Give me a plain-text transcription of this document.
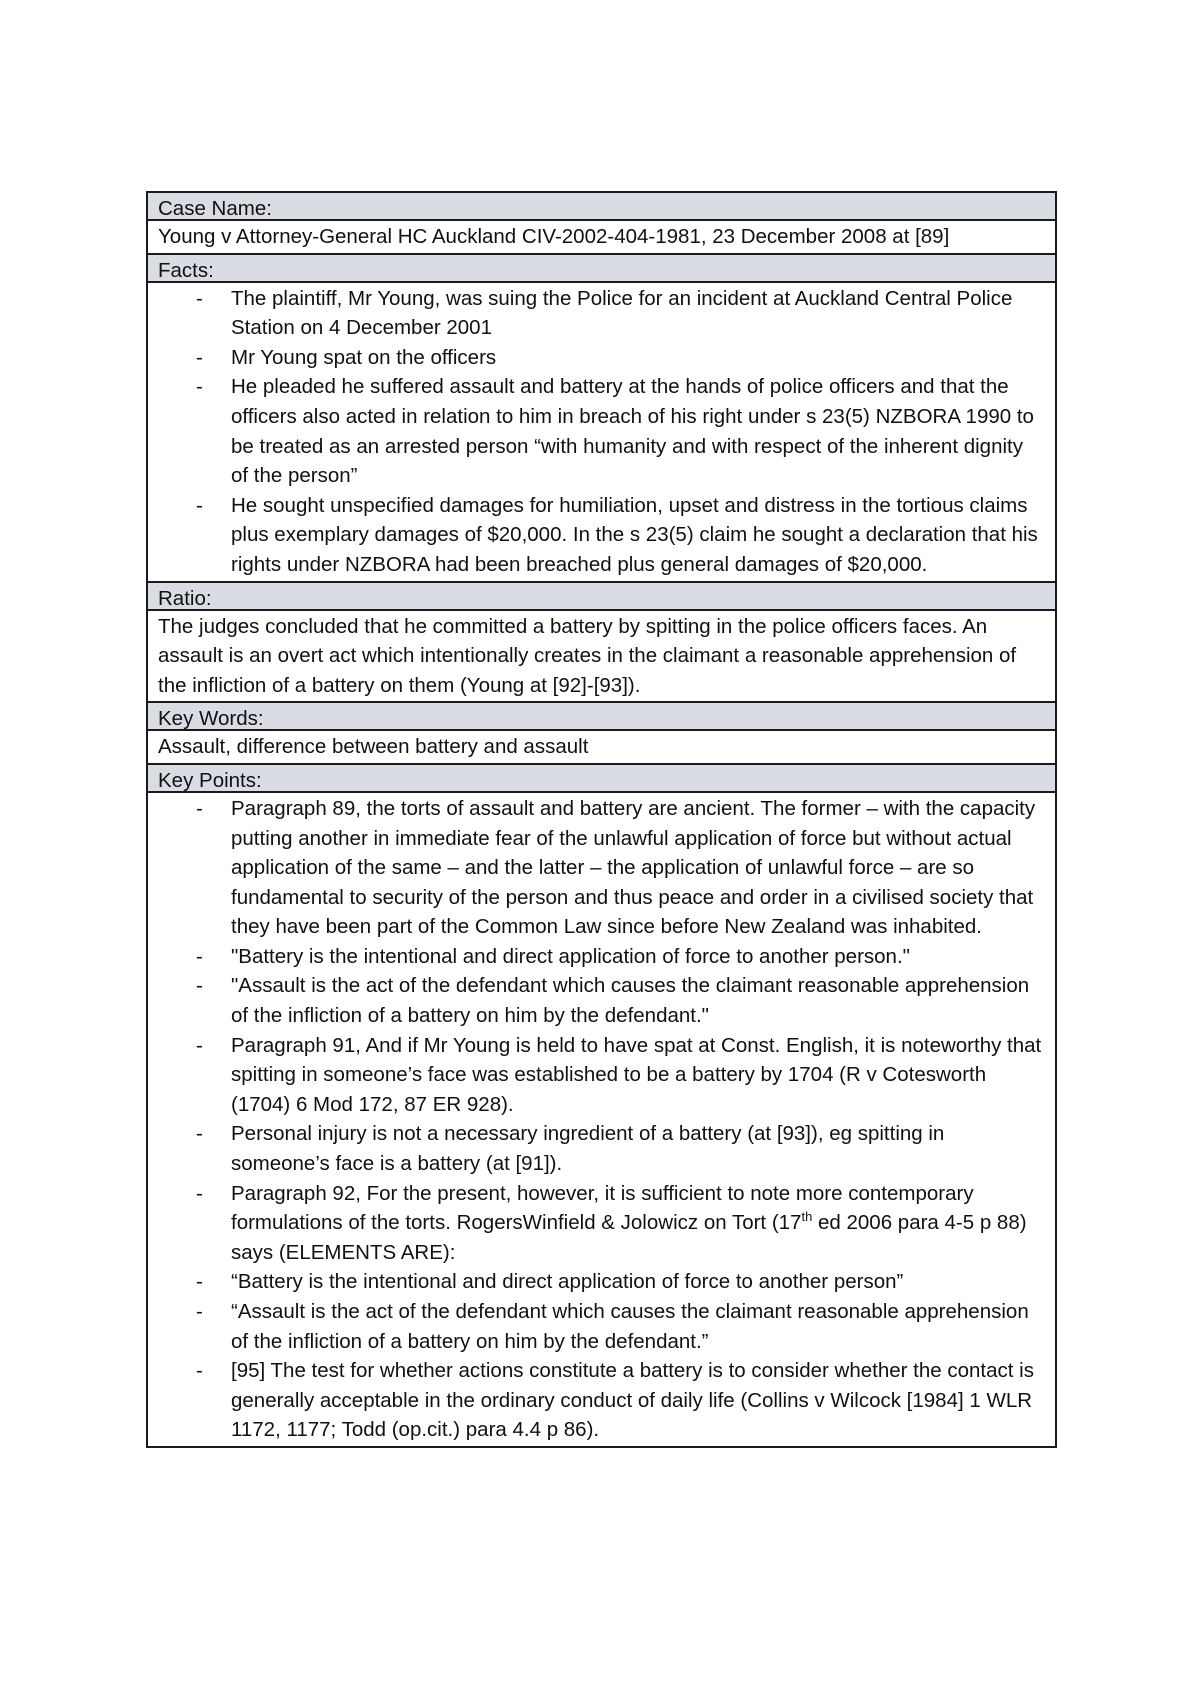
Case Name:
Young v Attorney-General HC Auckland CIV-2002-404-1981, 23 December 2008 at [89]
Facts:
- The plaintiff, Mr Young, was suing the Police for an incident at Auckland Central Police Station on 4 December 2001
- Mr Young spat on the officers
- He pleaded he suffered assault and battery at the hands of police officers and that the officers also acted in relation to him in breach of his right under s 23(5) NZBORA 1990 to be treated as an arrested person “with humanity and with respect of the inherent dignity of the person”
- He sought unspecified damages for humiliation, upset and distress in the tortious claims plus exemplary damages of $20,000. In the s 23(5) claim he sought a declaration that his rights under NZBORA had been breached plus general damages of $20,000.
Ratio:
The judges concluded that he committed a battery by spitting in the police officers faces. An assault is an overt act which intentionally creates in the claimant a reasonable apprehension of the infliction of a battery on them (Young at [92]-[93]).
Key Words:
Assault, difference between battery and assault
Key Points:
- Paragraph 89, the torts of assault and battery are ancient. The former – with the capacity putting another in immediate fear of the unlawful application of force but without actual application of the same – and the latter – the application of unlawful force – are so fundamental to security of the person and thus peace and order in a civilised society that they have been part of the Common Law since before New Zealand was inhabited.
- "Battery is the intentional and direct application of force to another person."
- "Assault is the act of the defendant which causes the claimant reasonable apprehension of the infliction of a battery on him by the defendant."
- Paragraph 91, And if Mr Young is held to have spat at Const. English, it is noteworthy that spitting in someone’s face was established to be a battery by 1704 (R v Cotesworth (1704) 6 Mod 172, 87 ER 928).
- Personal injury is not a necessary ingredient of a battery (at [93]), eg spitting in someone’s face is a battery (at [91]).
- Paragraph 92, For the present, however, it is sufficient to note more contemporary formulations of the torts. RogersWinfield & Jolowicz on Tort (17th ed 2006 para 4-5 p 88) says (ELEMENTS ARE):
- “Battery is the intentional and direct application of force to another person”
- “Assault is the act of the defendant which causes the claimant reasonable apprehension of the infliction of a battery on him by the defendant.”
- [95] The test for whether actions constitute a battery is to consider whether the contact is generally acceptable in the ordinary conduct of daily life (Collins v Wilcock [1984] 1 WLR 1172, 1177; Todd (op.cit.) para 4.4 p 86).
